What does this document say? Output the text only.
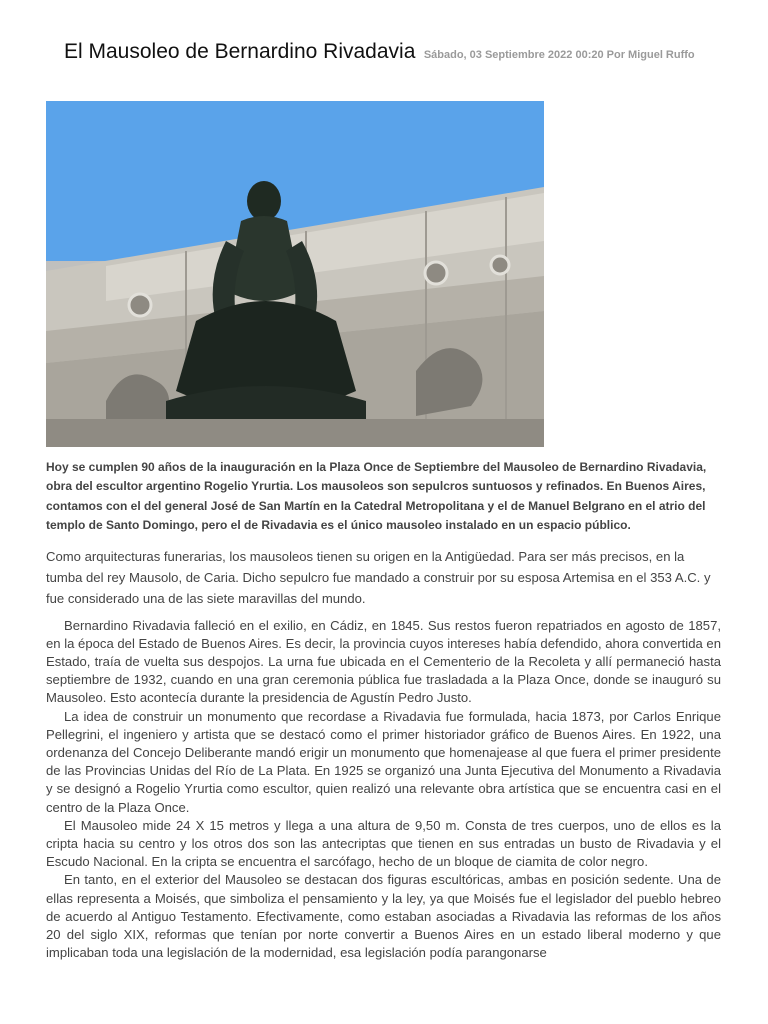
El Mausoleo de Bernardino Rivadavia Sábado, 03 Septiembre 2022 00:20 Por Miguel Ruffo

Hoy se cumplen 90 años de la inauguración en la Plaza Once de Septiembre del Mausoleo de Bernardino Rivadavia, obra del escultor argentino Rogelio Yrurtia. Los mausoleos son sepulcros suntuosos y refinados. En Buenos Aires, contamos con el del general José de San Martín en la Catedral Metropolitana y el de Manuel Belgrano en el atrio del templo de Santo Domingo, pero el de Rivadavia es el único mausoleo instalado en un espacio público.

Como arquitecturas funerarias, los mausoleos tienen su origen en la Antigüedad. Para ser más precisos, en la tumba del rey Mausolo, de Caria. Dicho sepulcro fue mandado a construir por su esposa Artemisa en el 353 A.C. y fue considerado una de las siete maravillas del mundo.

Bernardino Rivadavia falleció en el exilio, en Cádiz, en 1845. Sus restos fueron repatriados en agosto de 1857, en la época del Estado de Buenos Aires. Es decir, la provincia cuyos intereses había defendido, ahora convertida en Estado, traía de vuelta sus despojos. La urna fue ubicada en el Cementerio de la Recoleta y allí permaneció hasta septiembre de 1932, cuando en una gran ceremonia pública fue trasladada a la Plaza Once, donde se inauguró su Mausoleo. Esto acontecía durante la presidencia de Agustín Pedro Justo.

La idea de construir un monumento que recordase a Rivadavia fue formulada, hacia 1873, por Carlos Enrique Pellegrini, el ingeniero y artista que se destacó como el primer historiador gráfico de Buenos Aires. En 1922, una ordenanza del Concejo Deliberante mandó erigir un monumento que homenajease al que fuera el primer presidente de las Provincias Unidas del Río de La Plata. En 1925 se organizó una Junta Ejecutiva del Monumento a Rivadavia y se designó a Rogelio Yrurtia como escultor, quien realizó una relevante obra artística que se encuentra casi en el centro de la Plaza Once.

El Mausoleo mide 24 X 15 metros y llega a una altura de 9,50 m. Consta de tres cuerpos, uno de ellos es la cripta hacia su centro y los otros dos son las antecriptas que tienen en sus entradas un busto de Rivadavia y el Escudo Nacional. En la cripta se encuentra el sarcófago, hecho de un bloque de ciamita de color negro.

En tanto, en el exterior del Mausoleo se destacan dos figuras escultóricas, ambas en posición sedente. Una de ellas representa a Moisés, que simboliza el pensamiento y la ley, ya que Moisés fue el legislador del pueblo hebreo de acuerdo al Antiguo Testamento. Efectivamente, como estaban asociadas a Rivadavia las reformas de los años 20 del siglo XIX, reformas que tenían por norte convertir a Buenos Aires en un estado liberal moderno y que implicaban toda una legislación de la modernidad, esa legislación podía parangonarse
